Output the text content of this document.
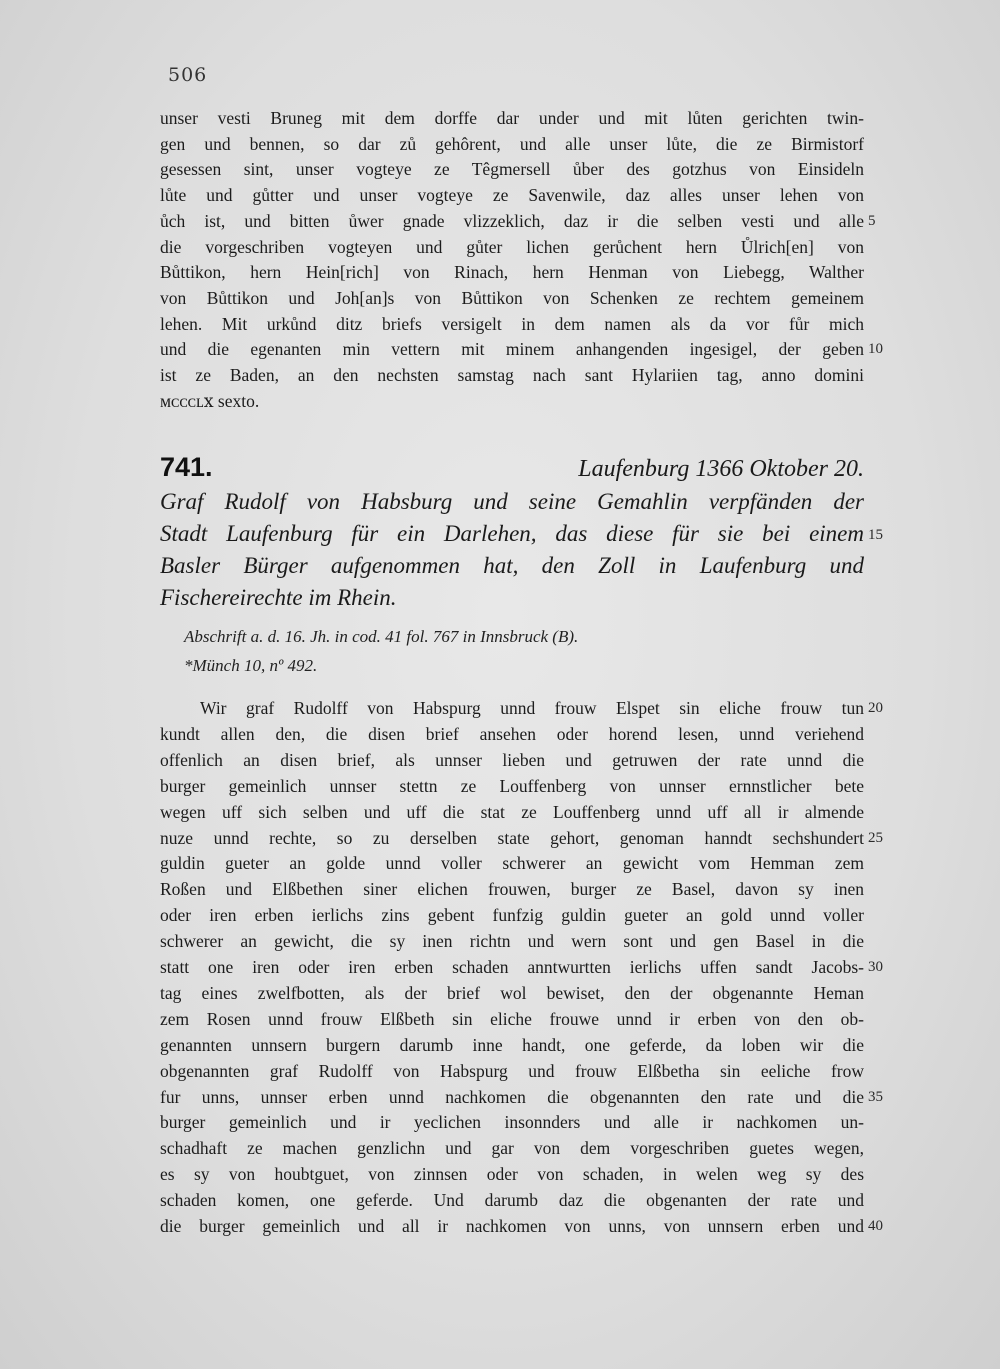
506
unser vesti Bruneg mit dem dorffe dar under und mit lůten gerichten twin-
gen und bennen, so dar zů gehôrent, und alle unser lůte, die ze Birmistorf
gesessen sint, unser vogteye ze Têgmersell ůber des gotzhus von Einsideln
lůte und gůtter und unser vogteye ze Savenwile, daz alles unser lehen von
ůch ist, und bitten ůwer gnade vlizzeklich, daz ir die selben vesti und alle
die vorgeschriben vogteyen und gůter lichen gerůchent hern Ůlrich[en] von
Bůttikon, hern Hein[rich] von Rinach, hern Henman von Liebegg, Walther
von Bůttikon und Joh[an]s von Bůttikon von Schenken ze rechtem gemeinem
lehen. Mit urkůnd ditz briefs versigelt in dem namen als da vor fůr mich
und die egenanten min vettern mit minem anhangenden ingesigel, der geben
ist ze Baden, an den nechsten samstag nach sant Hylariien tag, anno domini
ᴍᴄᴄᴄʟⅹ sexto.
5
10
741.	Laufenburg 1366 Oktober 20.
Graf Rudolf von Habsburg und seine Gemahlin verpfänden der
Stadt Laufenburg für ein Darlehen, das diese für sie bei einem
Basler Bürger aufgenommen hat, den Zoll in Laufenburg und
Fischereirechte im Rhein.
15
Abschrift a. d. 16. Jh. in cod. 41 fol. 767 in Innsbruck (B).
*Münch 10, nº 492.
Wir graf Rudolff von Habspurg unnd frouw Elspet sin eliche frouw tun
kundt allen den, die disen brief ansehen oder horend lesen, unnd veriehend
offenlich an disen brief, als unnser lieben und getruwen der rate unnd die
burger gemeinlich unnser stettn ze Louffenberg von unnser ernnstlicher bete
wegen uff sich selben und uff die stat ze Louffenberg unnd uff all ir almende
nuze unnd rechte, so zu derselben state gehort, genoman hanndt sechshundert
guldin gueter an golde unnd voller schwerer an gewicht vom Hemman zem
Roßen und Elßbethen siner elichen frouwen, burger ze Basel, davon sy inen
oder iren erben ierlichs zins gebent funfzig guldin gueter an gold unnd voller
schwerer an gewicht, die sy inen richtn und wern sont und gen Basel in die
statt one iren oder iren erben schaden anntwurtten ierlichs uffen sandt Jacobs-
tag eines zwelfbotten, als der brief wol bewiset, den der obgenannte Heman
zem Rosen unnd frouw Elßbeth sin eliche frouwe unnd ir erben von den ob-
genannten unnsern burgern darumb inne handt, one geferde, da loben wir die
obgenannten graf Rudolff von Habspurg und frouw Elßbetha sin eeliche frow
fur unns, unnser erben unnd nachkomen die obgenannten den rate und die
burger gemeinlich und ir yeclichen insonnders und alle ir nachkomen un-
schadhaft ze machen genzlichn und gar von dem vorgeschriben guetes wegen,
es sy von houbtguet, von zinnsen oder von schaden, in welen weg sy des
schaden komen, one geferde. Und darumb daz die obgenanten der rate und
die burger gemeinlich und all ir nachkomen von unns, von unnsern erben und
20
25
30
35
40
